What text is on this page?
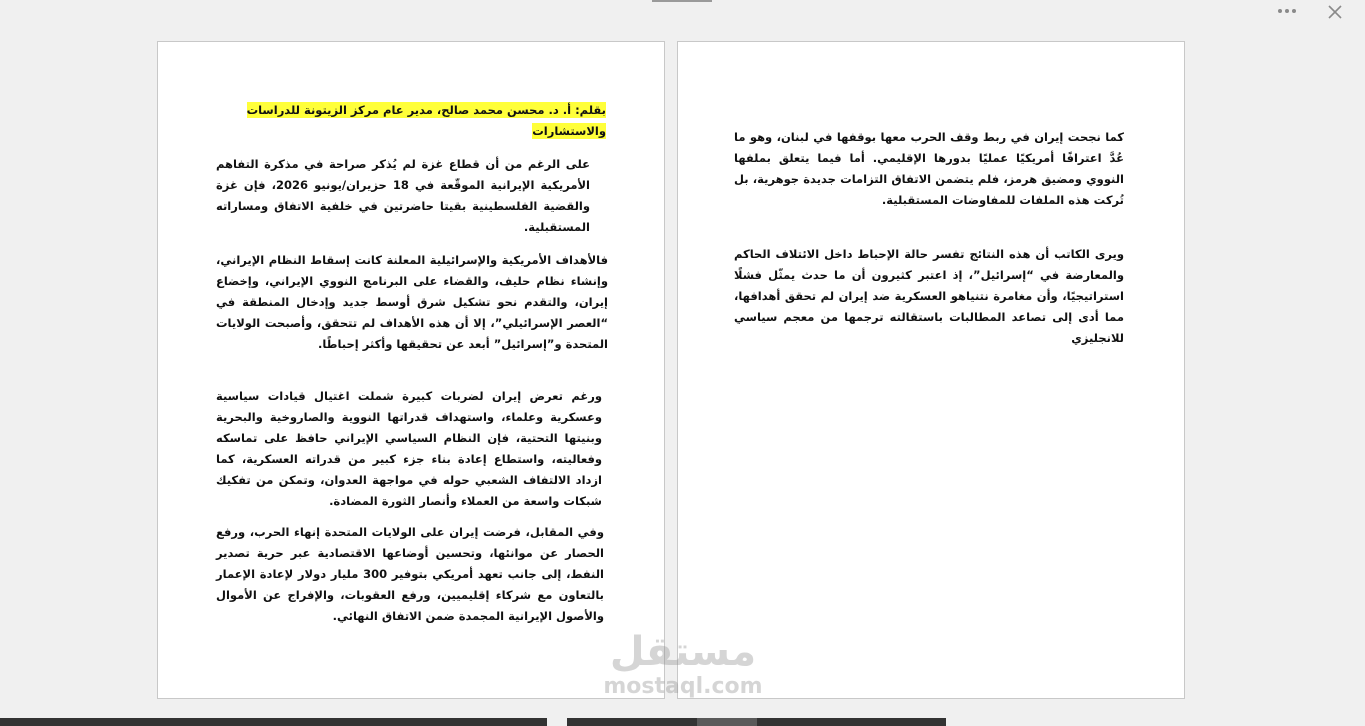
بقلم: أ. د. محسن محمد صالح، مدير عام مركز الزيتونة للدراسات والاستشارات

على الرغم من أن قطاع غزة لم يُذكر صراحة في مذكرة التفاهم الأمريكية الإيرانية الموقّعة في 18 حزيران/يونيو 2026، فإن غزة والقضية الفلسطينية بقيتا حاضرتين في خلفية الاتفاق ومساراته المستقبلية.

فالأهداف الأمريكية والإسرائيلية المعلنة كانت إسقاط النظام الإيراني، وإنشاء نظام حليف، والقضاء على البرنامج النووي الإيراني، وإخضاع إيران، والتقدم نحو تشكيل شرق أوسط جديد وإدخال المنطقة في “العصر الإسرائيلي”، إلا أن هذه الأهداف لم تتحقق، وأصبحت الولايات المتحدة و”إسرائيل” أبعد عن تحقيقها وأكثر إحباطًا.

ورغم تعرض إيران لضربات كبيرة شملت اغتيال قيادات سياسية وعسكرية وعلماء، واستهداف قدراتها النووية والصاروخية والبحرية وبنيتها التحتية، فإن النظام السياسي الإيراني حافظ على تماسكه وفعاليته، واستطاع إعادة بناء جزء كبير من قدراته العسكرية، كما ازداد الالتفاف الشعبي حوله في مواجهة العدوان، وتمكن من تفكيك شبكات واسعة من العملاء وأنصار الثورة المضادة.

وفي المقابل، فرضت إيران على الولايات المتحدة إنهاء الحرب، ورفع الحصار عن موانئها، وتحسين أوضاعها الاقتصادية عبر حرية تصدير النفط، إلى جانب تعهد أمريكي بتوفير 300 مليار دولار لإعادة الإعمار بالتعاون مع شركاء إقليميين، ورفع العقوبات، والإفراج عن الأموال والأصول الإيرانية المجمدة ضمن الاتفاق النهائي.

كما نجحت إيران في ربط وقف الحرب معها بوقفها في لبنان، وهو ما عُدَّ اعترافًا أمريكيًا عمليًا بدورها الإقليمي. أما فيما يتعلق بملفها النووي ومضيق هرمز، فلم يتضمن الاتفاق التزامات جديدة جوهرية، بل تُركت هذه الملفات للمفاوضات المستقبلية.

ويرى الكاتب أن هذه النتائج تفسر حالة الإحباط داخل الائتلاف الحاكم والمعارضة في “إسرائيل”، إذ اعتبر كثيرون أن ما حدث يمثّل فشلًا استراتيجيًا، وأن مغامرة نتنياهو العسكرية ضد إيران لم تحقق أهدافها، مما أدى إلى تصاعد المطالبات باستقالته ترجمها من معجم سياسي للانجليزي

مستقل
mostaql.com
